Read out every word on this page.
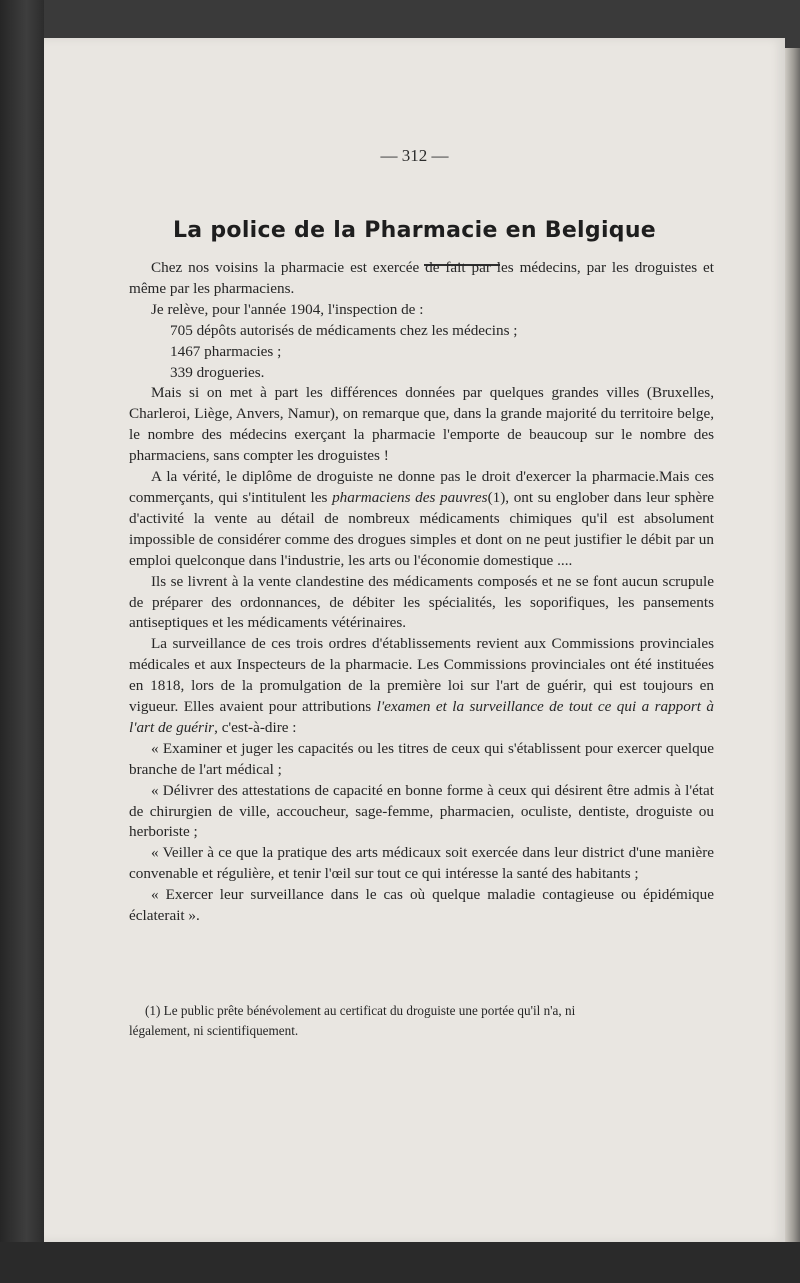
— 312 —
La police de la Pharmacie en Belgique

Chez nos voisins la pharmacie est exercée de fait par les médecins, par les droguistes et même par les pharmaciens.

Je relève, pour l'année 1904, l'inspection de :

705 dépôts autorisés de médicaments chez les médecins ;

1467 pharmacies ;

339 drogueries.

Mais si on met à part les différences données par quelques grandes villes (Bruxelles, Charleroi, Liège, Anvers, Namur), on remarque que, dans la grande majorité du territoire belge, le nombre des médecins exerçant la pharmacie l'emporte de beaucoup sur le nombre des pharmaciens, sans compter les droguistes !

A la vérité, le diplôme de droguiste ne donne pas le droit d'exercer la pharmacie.Mais ces commerçants, qui s'intitulent les pharmaciens des pauvres(1), ont su englober dans leur sphère d'activité la vente au détail de nombreux médicaments chimiques qu'il est absolument impossible de considérer comme des drogues simples et dont on ne peut justifier le débit par un emploi quelconque dans l'industrie, les arts ou l'économie domestique ....

Ils se livrent à la vente clandestine des médicaments composés et ne se font aucun scrupule de préparer des ordonnances, de débiter les spécialités, les soporifiques, les pansements antiseptiques et les médicaments vétérinaires.

La surveillance de ces trois ordres d'établissements revient aux Commissions provinciales médicales et aux Inspecteurs de la pharmacie. Les Commissions provinciales ont été instituées en 1818, lors de la promulgation de la première loi sur l'art de guérir, qui est toujours en vigueur. Elles avaient pour attributions l'examen et la surveillance de tout ce qui a rapport à l'art de guérir, c'est-à-dire :

« Examiner et juger les capacités ou les titres de ceux qui s'établissent pour exercer quelque branche de l'art médical ;

« Délivrer des attestations de capacité en bonne forme à ceux qui désirent être admis à l'état de chirurgien de ville, accoucheur, sage-femme, pharmacien, oculiste, dentiste, droguiste ou herboriste ;

« Veiller à ce que la pratique des arts médicaux soit exercée dans leur district d'une manière convenable et régulière, et tenir l'œil sur tout ce qui intéresse la santé des habitants ;

« Exercer leur surveillance dans le cas où quelque maladie contagieuse ou épidémique éclaterait ».

(1) Le public prête bénévolement au certificat du droguiste une portée qu'il n'a, ni
légalement, ni scientifiquement.
